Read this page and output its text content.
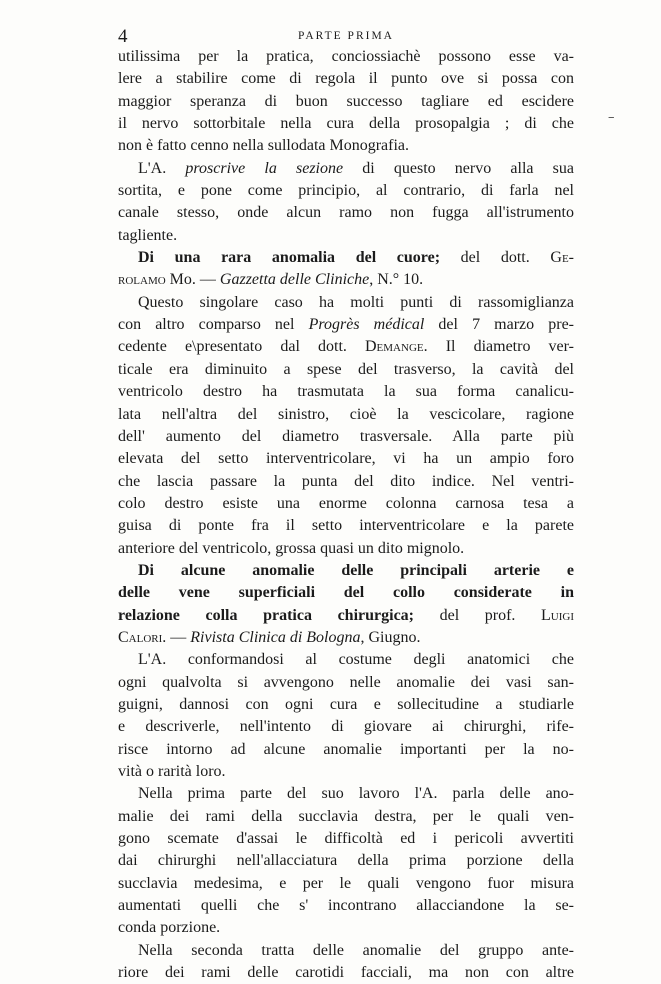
4	PARTE PRIMA
–
utilissima per la pratica, conciossiachè possono esse va-
lere a stabilire come di regola il punto ove si possa con
maggior speranza di buon successo tagliare ed escidere
il nervo sottorbitale nella cura della prosopalgia ; di che
non è fatto cenno nella sullodata Monografia.
L'A. proscrive la sezione di questo nervo alla sua
sortita, e pone come principio, al contrario, di farla nel
canale stesso, onde alcun ramo non fugga all'istrumento
tagliente.
Di una rara anomalia del cuore; del dott. Ge-
rolamo Mo. — Gazzetta delle Cliniche, N.° 10.
Questo singolare caso ha molti punti di rassomiglianza
con altro comparso nel Progrès médical del 7 marzo pre-
cedente e\presentato dal dott. Demange. Il diametro ver-
ticale era diminuito a spese del trasverso, la cavità del
ventricolo destro ha trasmutata la sua forma canalicu-
lata nell'altra del sinistro, cioè la vescicolare, ragione
dell' aumento del diametro trasversale. Alla parte più
elevata del setto interventricolare, vi ha un ampio foro
che lascia passare la punta del dito indice. Nel ventri-
colo destro esiste una enorme colonna carnosa tesa a
guisa di ponte fra il setto interventricolare e la parete
anteriore del ventricolo, grossa quasi un dito mignolo.
Di alcune anomalie delle principali arterie e
delle vene superficiali del collo considerate in
relazione colla pratica chirurgica; del prof. Luigi
Calori. — Rivista Clinica di Bologna, Giugno.
L'A. conformandosi al costume degli anatomici che
ogni qualvolta si avvengono nelle anomalie dei vasi san-
guigni, dannosi con ogni cura e sollecitudine a studiarle
e descriverle, nell'intento di giovare ai chirurghi, rife-
risce intorno ad alcune anomalie importanti per la no-
vità o rarità loro.
Nella prima parte del suo lavoro l'A. parla delle ano-
malie dei rami della succlavia destra, per le quali ven-
gono scemate d'assai le difficoltà ed i pericoli avvertiti
dai chirurghi nell'allacciatura della prima porzione della
succlavia medesima, e per le quali vengono fuor misura
aumentati quelli che s' incontrano allacciandone la se-
conda porzione.
Nella seconda tratta delle anomalie del gruppo ante-
riore dei rami delle carotidi facciali, ma non con altre
